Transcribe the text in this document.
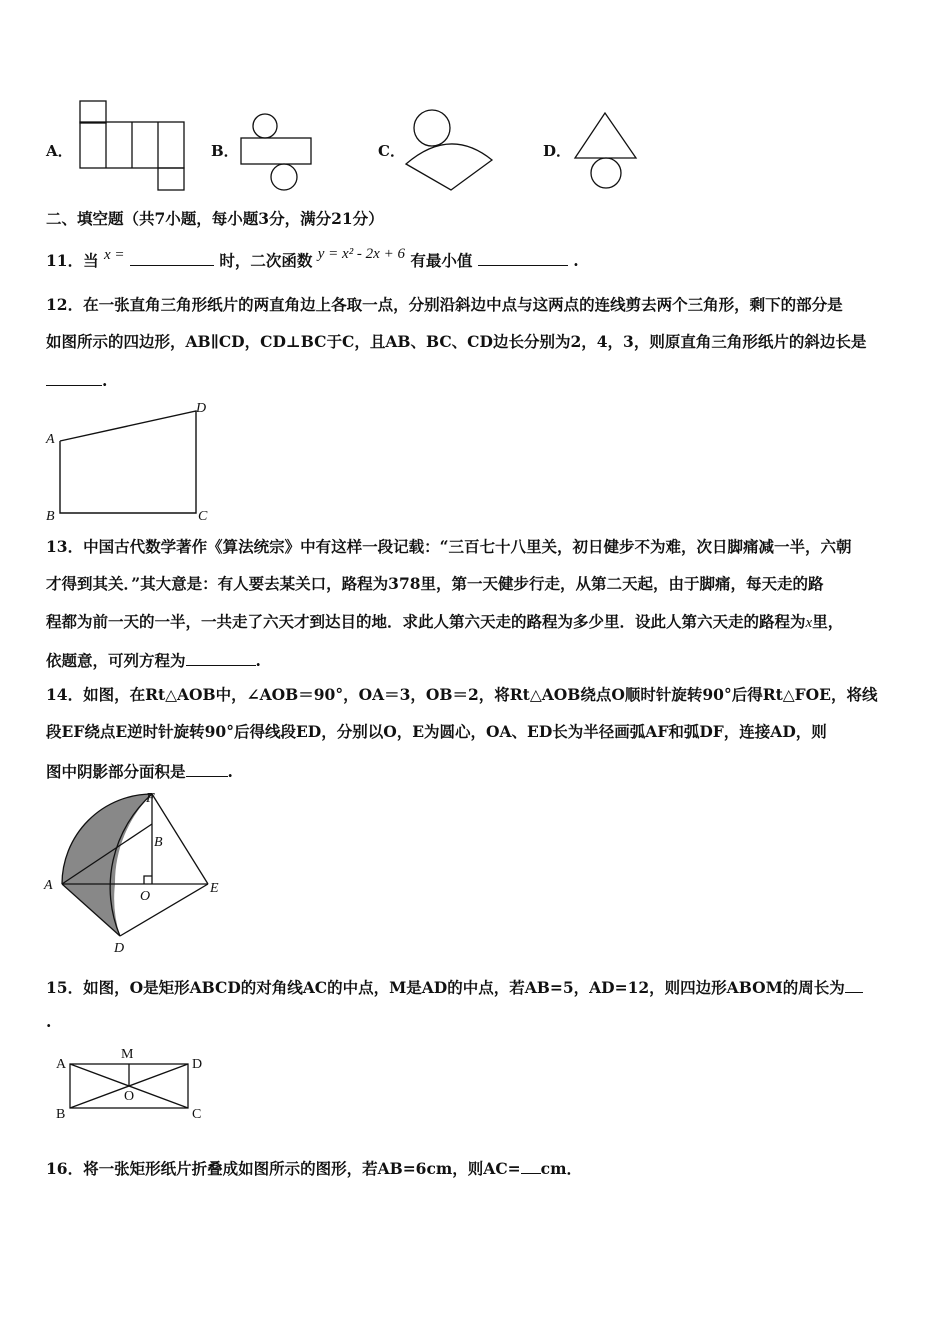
A．	B．	C．	D．
二、填空题（共7小题，每小题3分，满分21分）
11．当 x =	时，二次函数 y = x² - 2x + 6 有最小值	.
12．在一张直角三角形纸片的两直角边上各取一点，分别沿斜边中点与这两点的连线剪去两个三角形，剩下的部分是
如图所示的四边形，AB∥CD，CD⊥BC于C，且AB、BC、CD边长分别为2，4，3，则原直角三角形纸片的斜边长是
.
A
B	C
D
13．中国古代数学著作《算法统宗》中有这样一段记载：“三百七十八里关，初日健步不为难，次日脚痛减一半，六朝
才得到其关．”其大意是：有人要去某关口，路程为378里，第一天健步行走，从第二天起，由于脚痛，每天走的路
程都为前一天的一半，一共走了六天才到达目的地．求此人第六天走的路程为多少里．设此人第六天走的路程为x里，
依题意，可列方程为	.
14．如图，在Rt△AOB中，∠AOB＝90°，OA＝3，OB＝2，将Rt△AOB绕点O顺时针旋转90°后得Rt△FOE，将线
段EF绕点E逆时针旋转90°后得线段ED，分别以O，E为圆心，OA、ED长为半径画弧AF和弧DF，连接AD，则
图中阴影部分面积是	.
A
B
D
E
F
O
15．如图，O是矩形ABCD的对角线AC的中点，M是AD的中点，若AB=5，AD=12，则四边形ABOM的周长为
.
A
B	C
D
M
O
16．将一张矩形纸片折叠成如图所示的图形，若AB=6cm，则AC= cm．
